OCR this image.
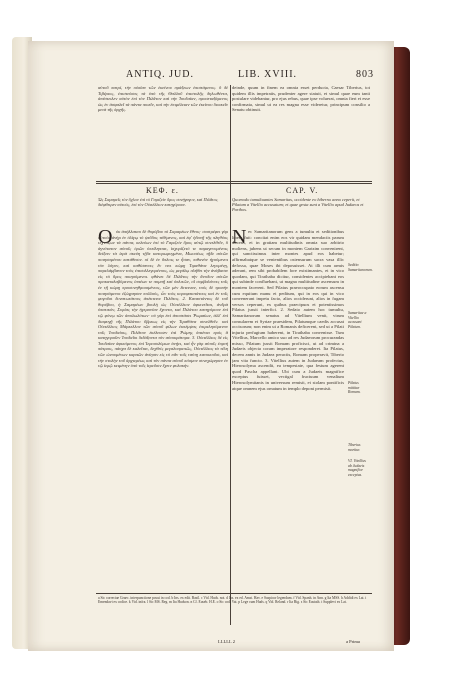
ANTIQ. JUD.	LIB. XVIII.	803

αὐτοῦ πατρί, τὴν οὐσίαν τῶν ἐκείνου πράξεων ἐπιστάμενος. ὃ δὲ Τιβέριος, ἐπιστεύσας τὰ ὑπὸ τῆς Θαλλοῦ ἐπιστολῆς δηλωθέντα, ἀπέστειλεν αὐτὸν ἐπὶ τὸν Πιλᾶτον καὶ τὴν Ἰουδαίαν, προσεταξάμενος ὡς ἐν ἀσφαλεῖ τὰ πάντα ποιεῖν, καὶ τὴν ἐπιμέλειαν τῶν ἐκείνου διοικεῖν μετὰ τῆς ἀρχῆς.

deinde, quum in finem ea omnia esset perducta, Caesar Tiberius, tot quidem illis impetratis, prudenter agere statuit, et simul quae eum tanti postulare videbantur, pro ejus rebus, quae ipse voluerat, omnia fieri et esse confirmata, simul ut ea res magna esse videretur, principum consilio a Senatu obtinuit.

ΚΕΦ. ε.	CAP. V.
Ὡς Σαμαρεῖς τὸν ὄχλον ἐπὶ τὸ Γαριζεὶν ὄρος συνήγαγον, καὶ Πιλᾶτος διέφθειρεν αὐτούς, ἐπὶ τὸν Οὐιτέλλιον κατηγόρουν.
Quomodo tumultuantes Samaritas, occidente eo hiberno anno ceperit, et Pilatum a Vitellio accusatum; et quae gesta sunt a Vitellio apud Judaeos et Parthos.
Ο	N

ὐκ ἀπήλλακτο δὲ θορύβου τὸ Σαμαρέων ἔθνος· συστρέφει γὰρ αὐτοὺς ἀνὴρ ἐν ὀλίγῳ τὸ ψεῦδος τιθέμενος, καὶ ἐφ' ἡδονῇ τῆς πληθύος τεχνάζων τὰ πάντα, κελεύων ἐπὶ τὸ Γαριζεὶν ὄρος αὐτῷ συνελθεῖν, ὃ ἁγνότατον αὐτοῖς ὀρῶν ὑπείληπται, ἰσχυρίζετό τε παραγενομένοις δείξειν τὰ ἱερὰ σκεύη τῇδε κατορωρυγμένα, Μωυσέως τῇδε αὐτῶν ποιησαμένου κατάθεσιν. οἱ δὲ ἐν ὅπλοις τε ἦσαν, πιθανὸν ἡγούμενοι τὸν λόγον, καὶ καθίσαντες ἔν τινι κώμῃ Τιραθάνα λεγομένῃ, παρελάμβανον τοὺς ἐπισυλλεγομένους, ὡς μεγάλῳ πλήθει τὴν ἀνάβασιν εἰς τὸ ὄρος ποιησόμενοι. φθάνει δὲ Πιλᾶτος τὴν ἄνοδον αὐτῶν προκαταλαβόμενος ἱππέων τε πομπῇ καὶ ὁπλιτῶν, οἳ συμβαλόντες τοῖς ἐν τῇ κώμῃ προσυνηθροισμένοις, τῶν μὲν ἔκτειναν, τοὺς δὲ τροπὴν ποιησάμενοι ἐζώγρησαν πολλούς, ὧν τοὺς κορυφαιοτάτους καὶ ἐν τοῖς φυγοῦσι δυνατωτάτους ἀπέκτεινε Πιλᾶτος. 2. Καταστάντος δὲ τοῦ θορύβου, ἡ Σαμαρέων βουλὴ ὡς Οὐιτέλλιον ἀφικνεῖται, ἀνδρὰ ὑπατικὸν, Συρίας τὴν ἡγεμονίαν ἔχοντα, καὶ Πιλάτου κατηγόρουν ἐπὶ τῷ φόνῳ τῶν ἀπολωλότων· οὐ γὰρ ἐπὶ ἀποστάσει Ῥωμαίων, ἀλλ' ἐπὶ διαφυγῇ τῆς Πιλάτου ὕβρεως εἰς τὴν Τιραθάνα συνελθεῖν. καὶ Οὐιτέλλιος Μάρκελλον τῶν αὐτοῦ φίλων ἐκπέμψας ἐπιμελησόμενον τοῖς Ἰουδαίοις, Πιλᾶτον ἐκέλευσεν ἐπὶ Ῥώμης ἀπιέναι πρὸς ἃ κατηγοροῖεν Ἰουδαῖοι διδάξοντα τὸν αὐτοκράτορα. 3. Οὐιτέλλιος δὲ εἰς Ἰουδαίαν ἀφικόμενος ἐπὶ Ἱεροσολύμων ἀνῄει, καὶ ἦν γὰρ αὐτοῖς ἑορτὴ πάτριος, πάσχα δὲ καλεῖται, δεχθεὶς μεγαλοπρεπῶς, Οὐιτέλλιος τὰ τέλη τῶν ὠνουμένων καρπῶν ἀνίησιν εἰς τὸ πᾶν τοῖς ταύτῃ κατοικοῦσι, καὶ τὴν στολὴν τοῦ ἀρχιερέως καὶ τὸν πάντα αὐτοῦ κόσμον συνεχώρησεν ἐν τῷ ἱερῷ κειμένην ὑπὸ τοῖς ἱερεῦσιν ἔχειν φυλακήν.

ec Samaritanorum gens a tumultu et seditionibus libera fuit: concitat enim eos vir quidam mendaciis parum ducens, et in gratiam multitudinis omnia suo arbitrio moliens, jubens ut secum in montem Garizim convenirent, qui sanctissimus inter montes apud eos habetur; affirmabatque se venientibus ostensurum sacra vasa illic defossa, quae Moses ibi deposuisset. At illi cum armis aderant, rem sibi probabilem fore existimantes, et in vico quodam, qui Tirathaba dicitur, considentes accipiebant eos qui subinde confluebant, ut magna multitudine ascensum in montem facerent. Sed Pilatus praeoccupato eorum ascensu cum equitum manu et peditum, qui in eos qui in vico convenerant impetu facto, alios occiderunt, alios in fugam versos ceperunt, ex quibus praecipuos et potentissimos Pilatus jussit interfici. 2. Sedato autem hoc tumultu, Samaritanorum senatus ad Vitellium venit, virum consularem et Syriae praesidem, Pilatumque caedis accusat occisorum; non enim ut a Romanis deficerent, sed ut a Pilati injuria perfugium haberent, in Tirathaba convenisse. Tum Vitellius, Marcello amico suo ad res Judaeorum procurandas misso, Pilatum jussit Romam proficisci, ut ad crimina a Judaeis objecta coram imperatore responderet. Ita Pilatus, decem annis in Judaea peractis, Romam properavit, Tiberio jam vita functo. 3. Vitellius autem in Judaeam profectus, Hierosolyma ascendit, ea tempestate, qua festum agerent quod Pascha appellant. Ubi cum a Judaeis magnifice exceptus fuisset, vectigal fructuum venalium Hierosolymitanis in universum remisit, et stolam pontificis atque omnem ejus ornatum in templo deponi permisit.

Seditio Samaritanorum.
Samaritae a Vitellio accusant Pilatum.
Pilatus mittitur Romam.
Tiberius moritur.
VI. Vitellius ab Judaeis magnifice exceptus.
a Sic correctae Graec. interpunctione posui in cod. b Ins. ex edit. Basil. c Vid. Huds. not. d Ins. ex ed. Amst. Hav. e Suspicor legendum. f Vid. Spanh. in Ann. g Ita MSS. h Addidi ex Lat. i Emendavi ex codice. k Vid. infra. l Sic MS. Reg. m Ita Hudson. n Cf. Euseb. H.E. o Sic cod. Vat. p Lege cum Huds. q Vid. Reland. r Ita Big. s Sic Eustath. t Supplevi ex Lat.
LLLLL 2	a Prima
